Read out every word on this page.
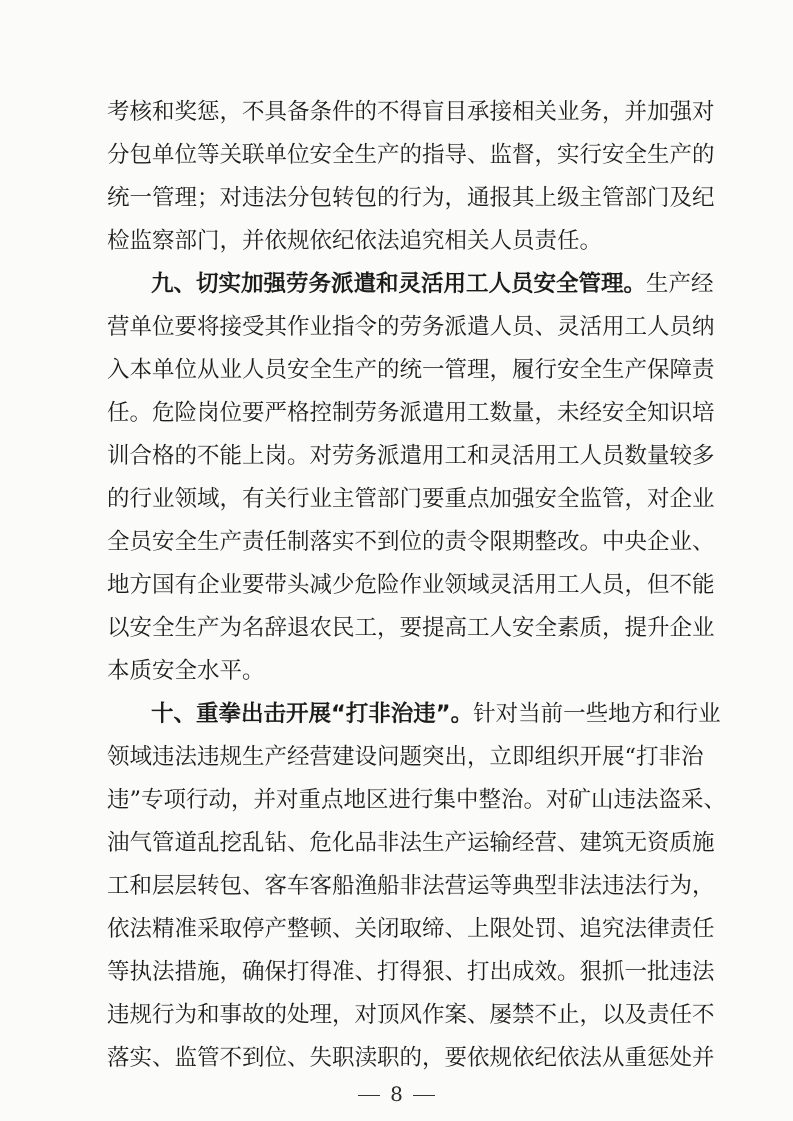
考核和奖惩，不具备条件的不得盲目承接相关业务，并加强对
分包单位等关联单位安全生产的指导、监督，实行安全生产的
统一管理；对违法分包转包的行为，通报其上级主管部门及纪
检监察部门，并依规依纪依法追究相关人员责任。
九、切实加强劳务派遣和灵活用工人员安全管理。生产经
营单位要将接受其作业指令的劳务派遣人员、灵活用工人员纳
入本单位从业人员安全生产的统一管理，履行安全生产保障责
任。危险岗位要严格控制劳务派遣用工数量，未经安全知识培
训合格的不能上岗。对劳务派遣用工和灵活用工人员数量较多
的行业领域，有关行业主管部门要重点加强安全监管，对企业
全员安全生产责任制落实不到位的责令限期整改。中央企业、
地方国有企业要带头减少危险作业领域灵活用工人员，但不能
以安全生产为名辞退农民工，要提高工人安全素质，提升企业
本质安全水平。
十、重拳出击开展“打非治违”。针对当前一些地方和行业
领域违法违规生产经营建设问题突出，立即组织开展“打非治
违”专项行动，并对重点地区进行集中整治。对矿山违法盗采、
油气管道乱挖乱钻、危化品非法生产运输经营、建筑无资质施
工和层层转包、客车客船渔船非法营运等典型非法违法行为，
依法精准采取停产整顿、关闭取缔、上限处罚、追究法律责任
等执法措施，确保打得准、打得狠、打出成效。狠抓一批违法
违规行为和事故的处理，对顶风作案、屡禁不止，以及责任不
8
落实、监管不到位、失职渎职的，要依规依纪依法从重惩处并
